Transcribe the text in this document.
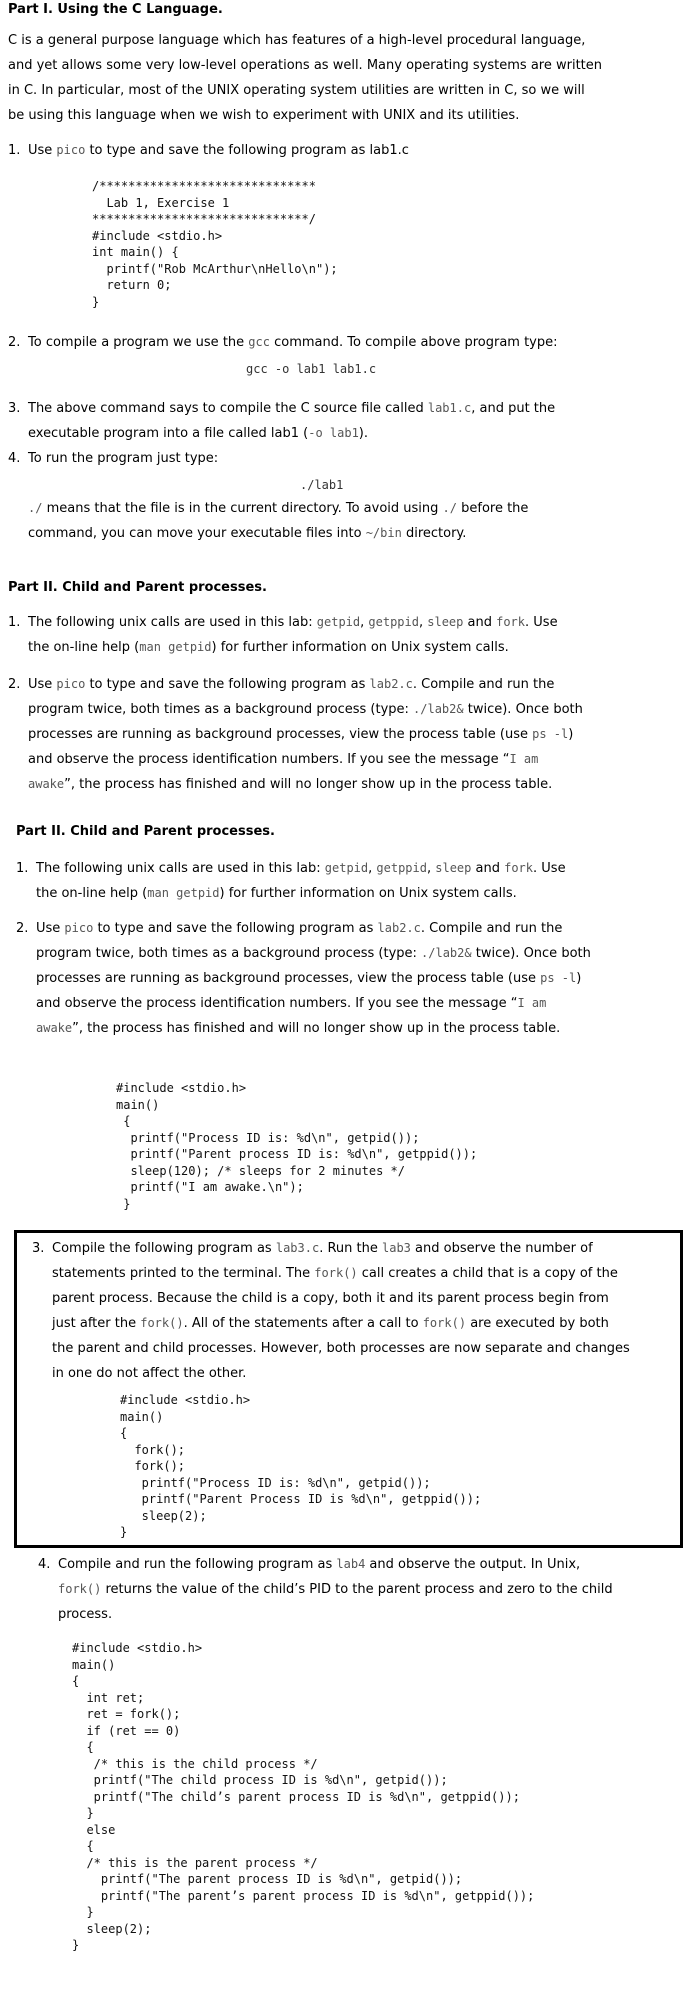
Part I. Using the C Language.
C is a general purpose language which has features of a high-level procedural language,
and yet allows some very low-level operations as well. Many operating systems are written
in C. In particular, most of the UNIX operating system utilities are written in C, so we will
be using this language when we wish to experiment with UNIX and its utilities.
1. Use pico to type and save the following program as lab1.c
/******************************
Lab 1, Exercise 1
******************************/
#include <stdio.h>
int main() {
printf("Rob McArthur\nHello\n");
return 0;
}
2. To compile a program we use the gcc command. To compile above program type:
gcc -o lab1 lab1.c
3. The above command says to compile the C source file called lab1.c, and put the
executable program into a file called lab1 (-o lab1).
4. To run the program just type:
./lab1
./ means that the file is in the current directory. To avoid using ./ before the
command, you can move your executable files into ~/bin directory.
Part II. Child and Parent processes.
1. The following unix calls are used in this lab: getpid, getppid, sleep and fork. Use
the on-line help (man getpid) for further information on Unix system calls.
2. Use pico to type and save the following program as lab2.c. Compile and run the
program twice, both times as a background process (type: ./lab2& twice). Once both
processes are running as background processes, view the process table (use ps -l)
and observe the process identification numbers. If you see the message “I am
awake”, the process has finished and will no longer show up in the process table.
Part II. Child and Parent processes.
1. The following unix calls are used in this lab: getpid, getppid, sleep and fork. Use
the on-line help (man getpid) for further information on Unix system calls.
2. Use pico to type and save the following program as lab2.c. Compile and run the
program twice, both times as a background process (type: ./lab2& twice). Once both
processes are running as background processes, view the process table (use ps -l)
and observe the process identification numbers. If you see the message “I am
awake”, the process has finished and will no longer show up in the process table.
#include <stdio.h>
main()
{
printf("Process ID is: %d\n", getpid());
printf("Parent process ID is: %d\n", getppid());
sleep(120); /* sleeps for 2 minutes */
printf("I am awake.\n");
}
3. Compile the following program as lab3.c. Run the lab3 and observe the number of
statements printed to the terminal. The fork() call creates a child that is a copy of the
parent process. Because the child is a copy, both it and its parent process begin from
just after the fork(). All of the statements after a call to fork() are executed by both
the parent and child processes. However, both processes are now separate and changes
in one do not affect the other.
#include <stdio.h>
main()
{
fork();
fork();
printf("Process ID is: %d\n", getpid());
printf("Parent Process ID is %d\n", getppid());
sleep(2);
}
4. Compile and run the following program as lab4 and observe the output. In Unix,
fork() returns the value of the child’s PID to the parent process and zero to the child
process.
#include <stdio.h>
main()
{
int ret;
ret = fork();
if (ret == 0)
{
/* this is the child process */
printf("The child process ID is %d\n", getpid());
printf("The child’s parent process ID is %d\n", getppid());
}
else
{
/* this is the parent process */
printf("The parent process ID is %d\n", getpid());
printf("The parent’s parent process ID is %d\n", getppid());
}
sleep(2);
}
